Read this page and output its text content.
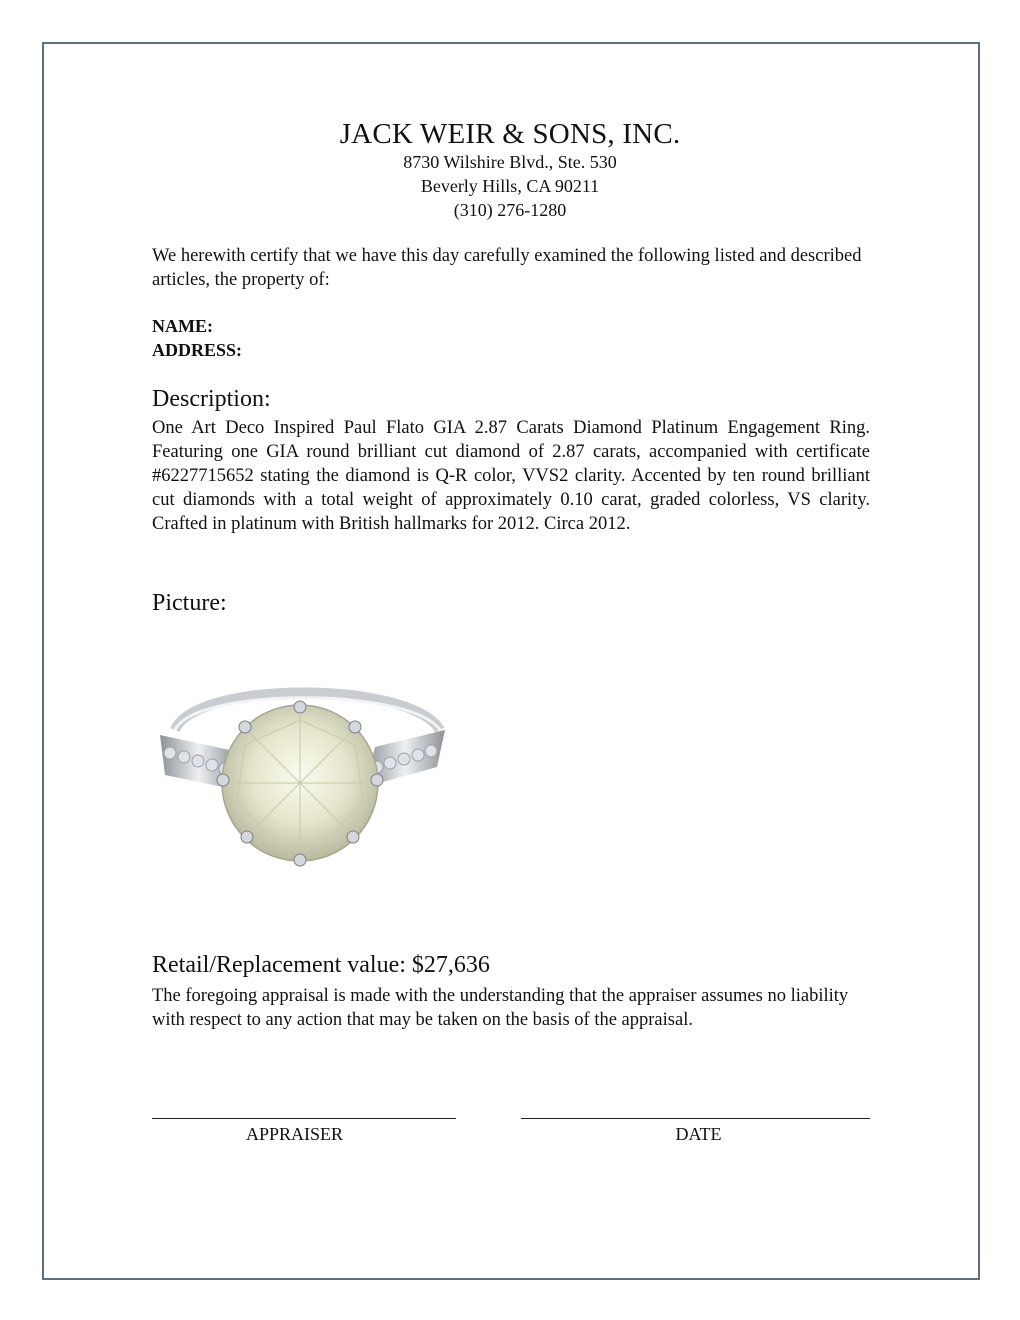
JACK WEIR & SONS, INC.
8730 Wilshire Blvd., Ste. 530
Beverly Hills, CA 90211
(310) 276-1280
We herewith certify that we have this day carefully examined the following listed and described articles, the property of:
NAME:
ADDRESS:
Description:
One Art Deco Inspired Paul Flato GIA 2.87 Carats Diamond Platinum Engagement Ring. Featuring one GIA round brilliant cut diamond of 2.87 carats, accompanied with certificate #6227715652 stating the diamond is Q-R color, VVS2 clarity. Accented by ten round brilliant cut diamonds with a total weight of approximately 0.10 carat, graded colorless, VS clarity. Crafted in platinum with British hallmarks for 2012. Circa 2012.
Picture:
Retail/Replacement value: $27,636
The foregoing appraisal is made with the understanding that the appraiser assumes no liability with respect to any action that may be taken on the basis of the appraisal.
APPRAISER	DATE
